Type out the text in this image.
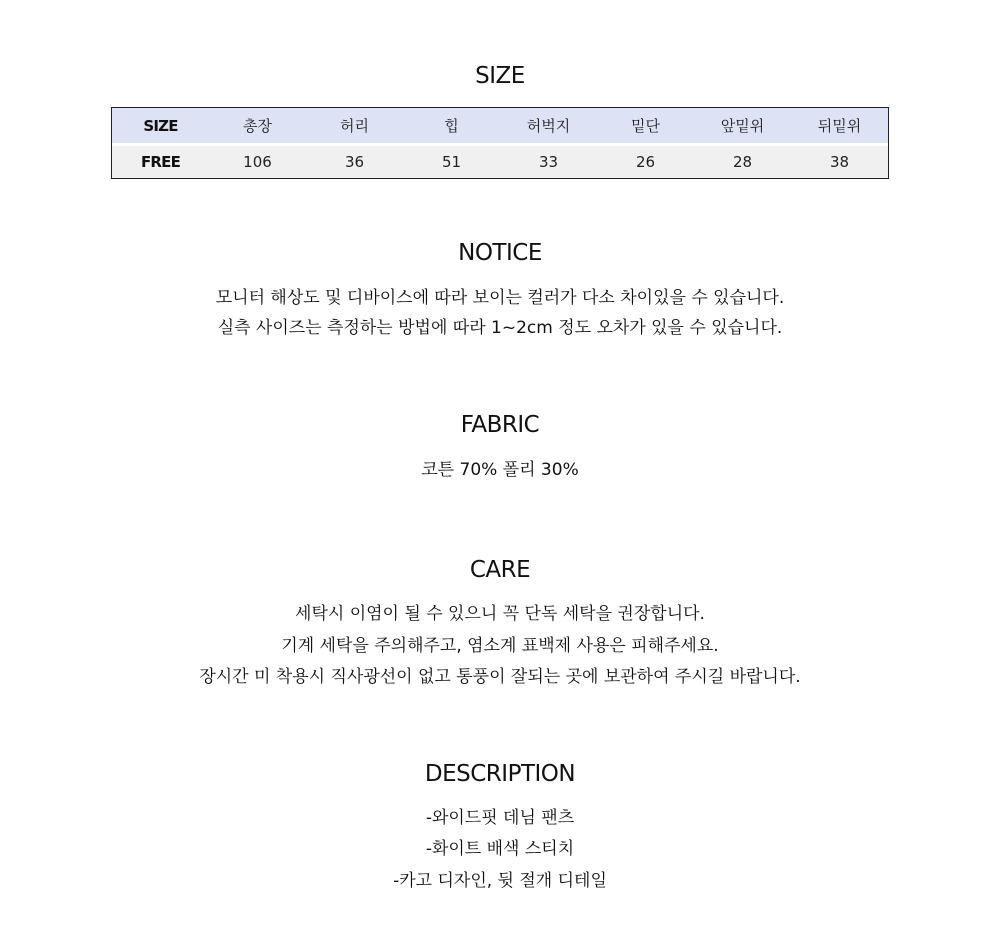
SIZE
SIZE	총장	허리	힙	허벅지	밑단	앞밑위	뒤밑위
FREE	106	36	51	33	26	28	38
NOTICE
모니터 해상도 및 디바이스에 따라 보이는 컬러가 다소 차이있을 수 있습니다.
실측 사이즈는 측정하는 방법에 따라 1~2cm 정도 오차가 있을 수 있습니다.
FABRIC
코튼 70% 폴리 30%
CARE
세탁시 이염이 될 수 있으니 꼭 단독 세탁을 권장합니다.
기계 세탁을 주의해주고, 염소계 표백제 사용은 피해주세요.
장시간 미 착용시 직사광선이 없고 통풍이 잘되는 곳에 보관하여 주시길 바랍니다.
DESCRIPTION
-와이드핏 데님 팬츠
-화이트 배색 스티치
-카고 디자인, 뒷 절개 디테일
